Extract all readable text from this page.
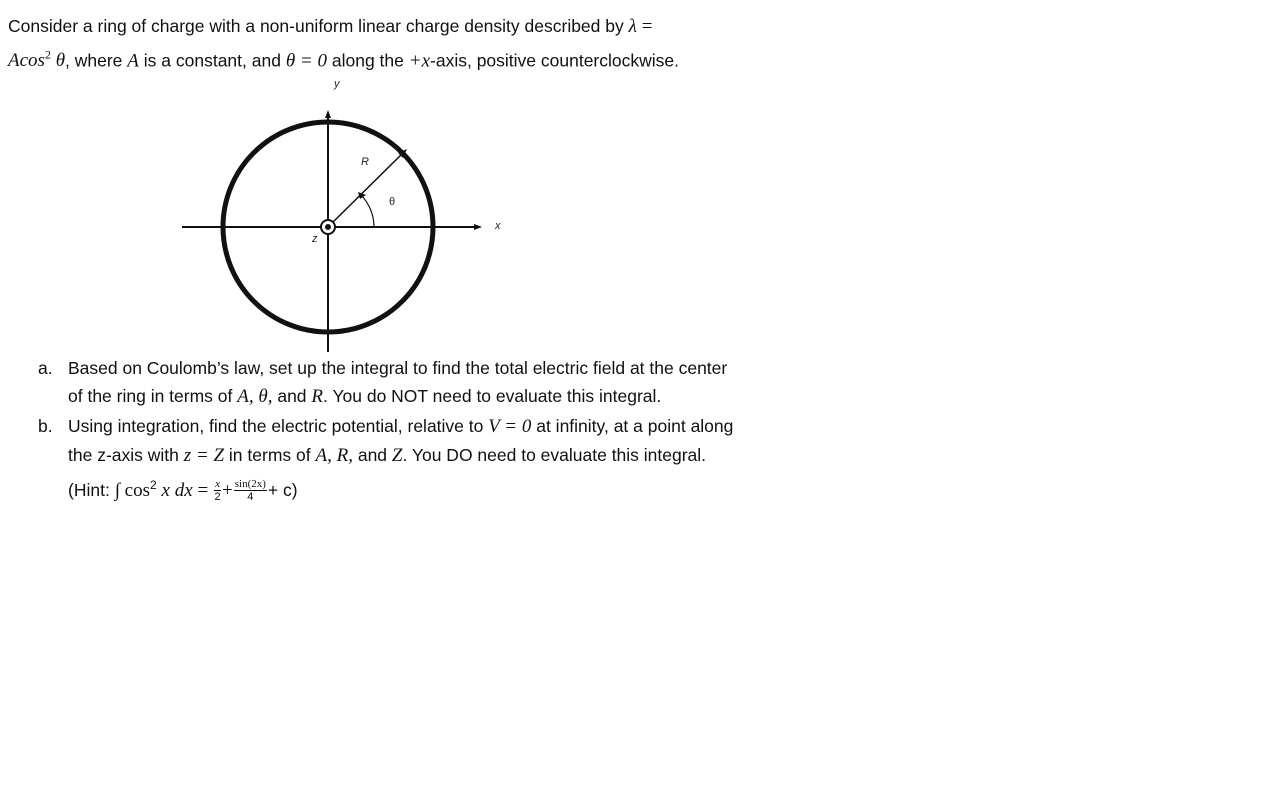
Consider a ring of charge with a non-uniform linear charge density described by λ =
Acos$^2$ θ, where A is a constant, and θ = 0 along the +x-axis, positive counterclockwise.
y
x
z
R
θ
a. Based on Coulomb’s law, set up the integral to find the total electric field at the center of the ring in terms of A, θ, and R. You do NOT need to evaluate this integral.
b. Using integration, find the electric potential, relative to V = 0 at infinity, at a point along the z-axis with z = Z in terms of A, R, and Z. You DO need to evaluate this integral. (Hint: ∫ $\cos^2 x$ dx = $\frac{x}{2} + \frac{\sin(2x)}{4} + c$)
